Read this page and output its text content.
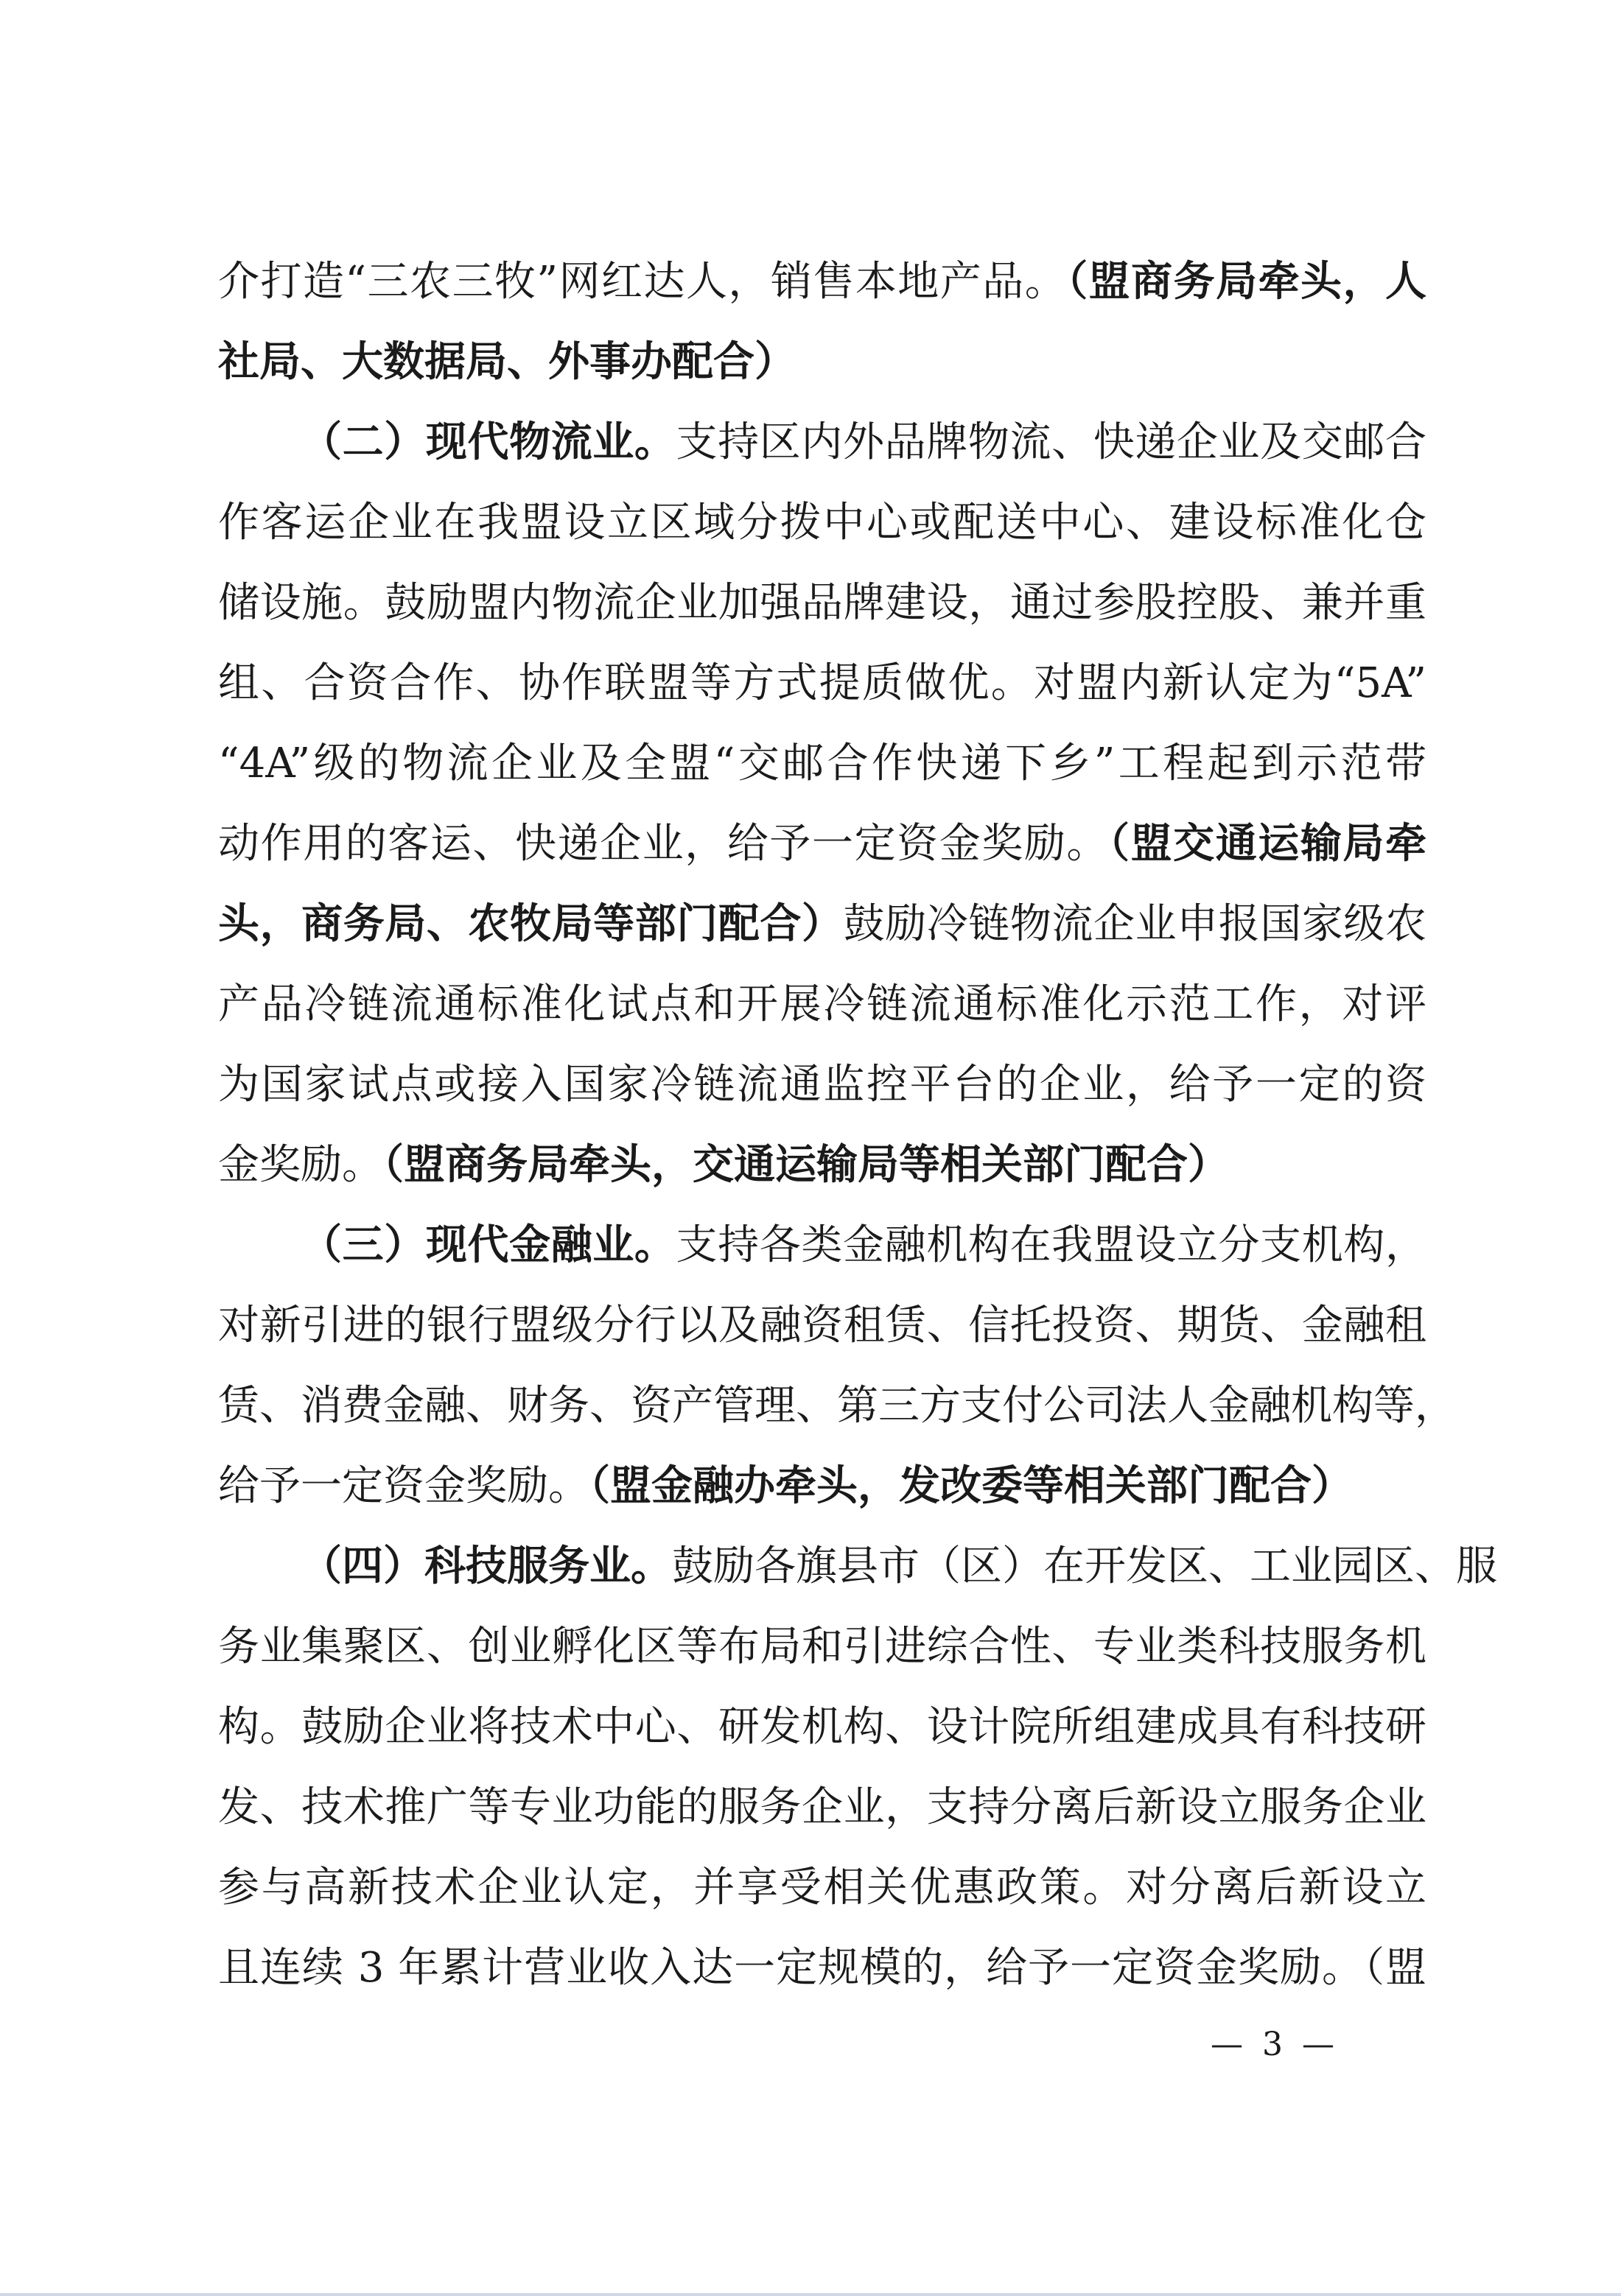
介打造“三农三牧”网红达人，销售本地产品。（盟商务局牵头，人
社局、大数据局、外事办配合）
（二）现代物流业。支持区内外品牌物流、快递企业及交邮合
作客运企业在我盟设立区域分拨中心或配送中心、建设标准化仓
储设施。鼓励盟内物流企业加强品牌建设，通过参股控股、兼并重
组、合资合作、协作联盟等方式提质做优。对盟内新认定为“5A”
“4A”级的物流企业及全盟“交邮合作快递下乡”工程起到示范带
动作用的客运、快递企业，给予一定资金奖励。（盟交通运输局牵
头，商务局、农牧局等部门配合）鼓励冷链物流企业申报国家级农
产品冷链流通标准化试点和开展冷链流通标准化示范工作，对评
为国家试点或接入国家冷链流通监控平台的企业，给予一定的资
金奖励。（盟商务局牵头，交通运输局等相关部门配合）
（三）现代金融业。支持各类金融机构在我盟设立分支机构，
对新引进的银行盟级分行以及融资租赁、信托投资、期货、金融租
赁、消费金融、财务、资产管理、第三方支付公司法人金融机构等，
给予一定资金奖励。（盟金融办牵头，发改委等相关部门配合）
（四）科技服务业。鼓励各旗县市（区）在开发区、工业园区、服
务业集聚区、创业孵化区等布局和引进综合性、专业类科技服务机
构。鼓励企业将技术中心、研发机构、设计院所组建成具有科技研
发、技术推广等专业功能的服务企业，支持分离后新设立服务企业
参与高新技术企业认定，并享受相关优惠政策。对分离后新设立
且连续 3 年累计营业收入达一定规模的，给予一定资金奖励。（盟
— 3 —
